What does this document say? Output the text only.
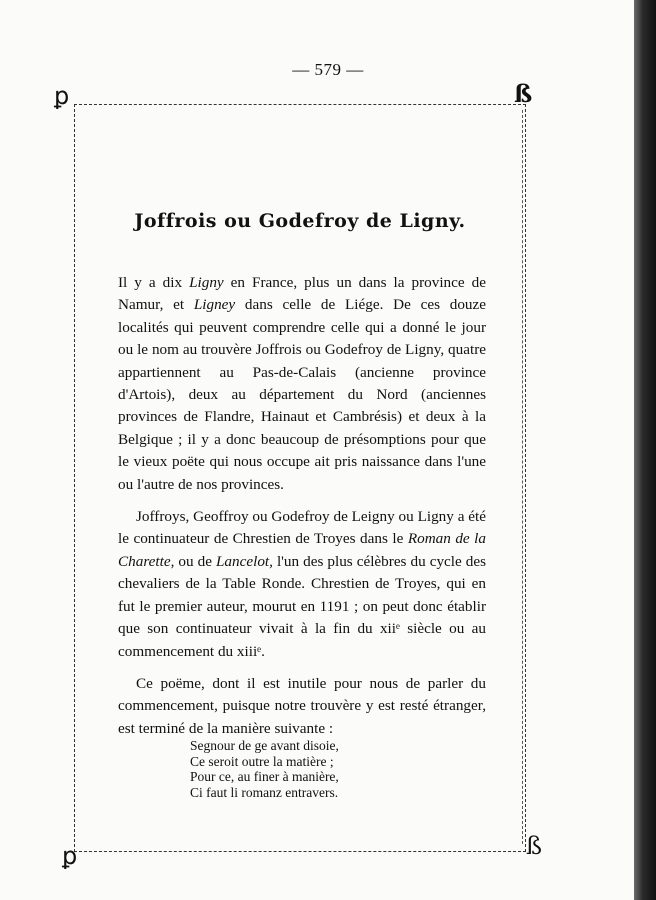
— 579 —
ꝑ	ß
ꝑ	ß
Joffrois ou Godefroy de Ligny.

Il y a dix Ligny en France, plus un dans la province de Namur, et Ligney dans celle de Liége. De ces douze localités qui peuvent comprendre celle qui a donné le jour ou le nom au trouvère Joffrois ou Godefroy de Ligny, quatre appartiennent au Pas-de-Calais (ancienne province d'Artois), deux au département du Nord (anciennes provinces de Flandre, Hainaut et Cambrésis) et deux à la Belgique ; il y a donc beaucoup de présomptions pour que le vieux poëte qui nous occupe ait pris naissance dans l'une ou l'autre de nos provinces.

Joffroys, Geoffroy ou Godefroy de Leigny ou Ligny a été le continuateur de Chrestien de Troyes dans le Roman de la Charette, ou de Lancelot, l'un des plus célèbres du cycle des chevaliers de la Table Ronde. Chrestien de Troyes, qui en fut le premier auteur, mourut en 1191 ; on peut donc établir que son continuateur vivait à la fin du xiiᵉ siècle ou au commencement du xiiiᵉ.

Ce poëme, dont il est inutile pour nous de parler du commencement, puisque notre trouvère y est resté étranger, est terminé de la manière suivante :

Segnour de ge avant disoie,
Ce seroit outre la matière ;
Pour ce, au finer à manière,
Ci faut li romanz entravers.
